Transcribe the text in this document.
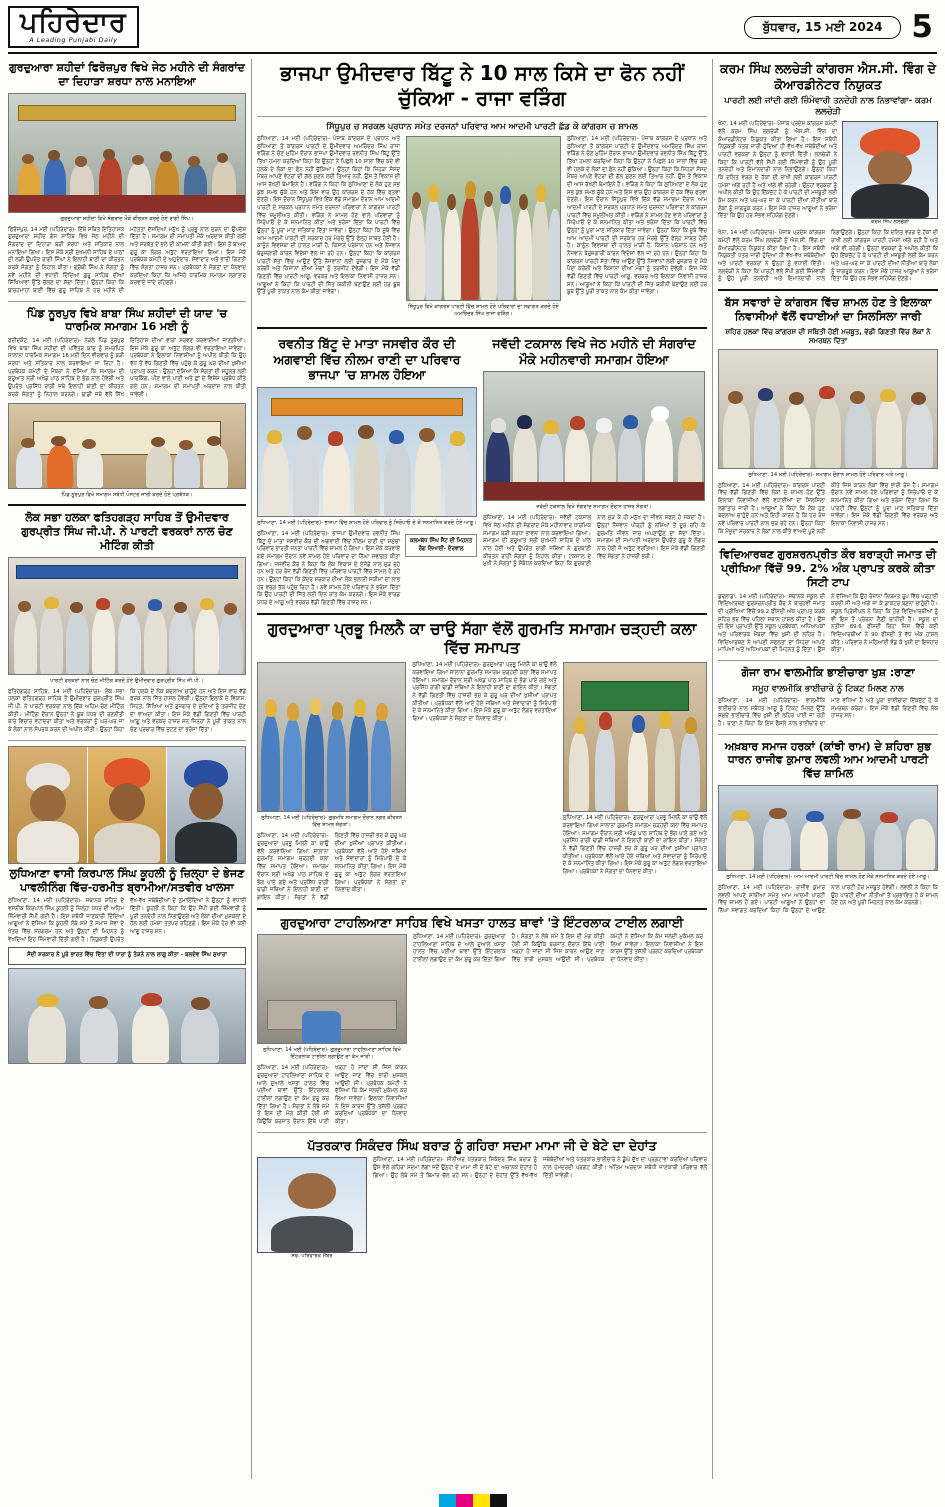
ਪਹਿਰੇਦਾਰ
A Leading Punjabi Daily
ਬੁੱਧਵਾਰ, 15 ਮਈ 2024 5
ਗੁਰਦੁਆਰਾ ਸ਼ਹੀਦਾਂ ਫਿਰੋਜ਼ਪੁਰ ਵਿਖੇ ਜੇਠ ਮਹੀਨੇ ਦੀ ਸੰਗਰਾਂਦ ਦਾ ਦਿਹਾੜਾ ਸ਼ਰਧਾ ਨਾਲ ਮਨਾਇਆ
ਗੁਰਦੁਆਰਾ ਸ਼ਹੀਦਾਂ ਵਿਖੇ ਸੰਗਰਾਂਦ ਮੌਕੇ ਕੀਰਤਨ ਕਰਦੇ ਹੋਏ ਰਾਗੀ ਸਿੰਘ।
ਫਿਰੋਜ਼ਪੁਰ, 14 ਮਈ (ਪਹਿਰੇਦਾਰ)- ਇੱਥੇ ਸਥਿਤ ਇਤਿਹਾਸਕ ਗੁਰਦੁਆਰਾ ਸ਼ਹੀਦ ਗੰਜ ਸਾਹਿਬ ਵਿਖੇ ਜੇਠ ਮਹੀਨੇ ਦੀ ਸੰਗਰਾਂਦ ਦਾ ਦਿਹਾੜਾ ਬੜੀ ਸ਼ਰਧਾ ਅਤੇ ਸਤਿਕਾਰ ਨਾਲ ਮਨਾਇਆ ਗਿਆ। ਇਸ ਮੌਕੇ ਸ੍ਰੀ ਸੁਖਮਨੀ ਸਾਹਿਬ ਦੇ ਪਾਠਾਂ ਦੀ ਲੜੀ ਉਪਰੰਤ ਰਾਗੀ ਸਿੰਘਾਂ ਨੇ ਇਲਾਹੀ ਬਾਣੀ ਦਾ ਕੀਰਤਨ ਕਰਕੇ ਸੰਗਤਾਂ ਨੂੰ ਨਿਹਾਲ ਕੀਤਾ। ਗ੍ਰੰਥੀ ਸਿੰਘ ਨੇ ਸੰਗਤਾਂ ਨੂੰ ਨਵੇਂ ਮਹੀਨੇ ਦੀ ਵਧਾਈ ਦਿੰਦਿਆਂ ਗੁਰੂ ਸਾਹਿਬ ਦੀਆਂ ਸਿੱਖਿਆਵਾਂ ਉੱਤੇ ਚੱਲਣ ਦਾ ਸੱਦਾ ਦਿੱਤਾ। ਉਨ੍ਹਾਂ ਕਿਹਾ ਕਿ ਬਾਰਹਮਾਹਾ ਬਾਣੀ ਵਿੱਚ ਗੁਰੂ ਸਾਹਿਬ ਨੇ ਹਰ ਮਹੀਨੇ ਦੀ ਮਹੱਤਤਾ ਦੱਸਦਿਆਂ ਮਨੁੱਖ ਨੂੰ ਪ੍ਰਭੂ ਨਾਲ ਜੁੜਨ ਦਾ ਉਪਦੇਸ਼ ਦਿੱਤਾ ਹੈ। ਸਮਾਗਮ ਦੀ ਸਮਾਪਤੀ ਮੌਕੇ ਅਰਦਾਸ ਕੀਤੀ ਗਈ ਅਤੇ ਸਰਬੱਤ ਦੇ ਭਲੇ ਦੀ ਕਾਮਨਾ ਕੀਤੀ ਗਈ। ਇਸ ਤੋਂ ਬਾਅਦ ਗੁਰੂ ਕਾ ਲੰਗਰ ਅਤੁੱਟ ਵਰਤਾਇਆ ਗਿਆ। ਇਸ ਮੌਕੇ ਪ੍ਰਬੰਧਕ ਕਮੇਟੀ ਦੇ ਅਹੁਦੇਦਾਰ, ਸੇਵਾਦਾਰ ਅਤੇ ਭਾਰੀ ਗਿਣਤੀ ਵਿੱਚ ਸੰਗਤਾਂ ਹਾਜ਼ਰ ਸਨ। ਪ੍ਰਬੰਧਕਾਂ ਨੇ ਸੰਗਤਾਂ ਦਾ ਧੰਨਵਾਦ ਕਰਦਿਆਂ ਕਿਹਾ ਕਿ ਅਜਿਹੇ ਧਾਰਮਿਕ ਸਮਾਗਮ ਲਗਾਤਾਰ ਕਰਵਾਏ ਜਾਂਦੇ ਰਹਿਣਗੇ।
ਪਿੰਡ ਨੂਰਪੁਰ ਵਿਖੇ ਬਾਬਾ ਸਿੰਘ ਸ਼ਹੀਦਾਂ ਦੀ ਯਾਦ 'ਚ ਧਾਰਮਿਕ ਸਮਾਗਮ 16 ਮਈ ਨੂੰ
ਫਰੀਦਕੋਟ, 14 ਮਈ (ਪਹਿਰੇਦਾਰ)- ਨੇੜਲੇ ਪਿੰਡ ਨੂਰਪੁਰ ਵਿਖੇ ਬਾਬਾ ਸਿੰਘ ਸ਼ਹੀਦਾਂ ਦੀ ਪਵਿੱਤਰ ਯਾਦ ਨੂੰ ਸਮਰਪਿਤ ਸਾਲਾਨਾ ਧਾਰਮਿਕ ਸਮਾਗਮ 16 ਮਈ ਦਿਨ ਵੀਰਵਾਰ ਨੂੰ ਬੜੀ ਸ਼ਰਧਾ ਅਤੇ ਸਤਿਕਾਰ ਨਾਲ ਕਰਵਾਇਆ ਜਾ ਰਿਹਾ ਹੈ। ਪ੍ਰਬੰਧਕ ਕਮੇਟੀ ਦੇ ਮੈਂਬਰਾਂ ਨੇ ਦੱਸਿਆ ਕਿ ਸਮਾਗਮ ਦੀ ਸ਼ੁਰੂਆਤ ਸ੍ਰੀ ਅਖੰਡ ਪਾਠ ਸਾਹਿਬ ਦੇ ਭੋਗ ਨਾਲ ਹੋਵੇਗੀ ਅਤੇ ਉਪਰੰਤ ਪ੍ਰਸਿੱਧ ਰਾਗੀ ਜਥੇ ਇਲਾਹੀ ਬਾਣੀ ਦਾ ਕੀਰਤਨ ਕਰਕੇ ਸੰਗਤਾਂ ਨੂੰ ਨਿਹਾਲ ਕਰਨਗੇ। ਢਾਡੀ ਜਥੇ ਵੱਲੋਂ ਸਿੱਖ ਇਤਿਹਾਸ ਦੀਆਂ ਵਾਰਾਂ ਸਰਵਣ ਕਰਵਾਈਆਂ ਜਾਣਗੀਆਂ। ਇਸ ਮੌਕੇ ਗੁਰੂ ਕਾ ਅਤੁੱਟ ਲੰਗਰ ਵੀ ਵਰਤਾਇਆ ਜਾਵੇਗਾ। ਪ੍ਰਬੰਧਕਾਂ ਨੇ ਇਲਾਕਾ ਨਿਵਾਸੀਆਂ ਨੂੰ ਅਪੀਲ ਕੀਤੀ ਕਿ ਉਹ ਵੱਧ ਤੋਂ ਵੱਧ ਗਿਣਤੀ ਵਿੱਚ ਪਹੁੰਚ ਕੇ ਗੁਰੂ ਘਰ ਦੀਆਂ ਖੁਸ਼ੀਆਂ ਪ੍ਰਾਪਤ ਕਰਨ। ਉਨ੍ਹਾਂ ਦੱਸਿਆ ਕਿ ਸੰਗਤਾਂ ਦੀ ਸਹੂਲਤ ਲਈ ਪਾਰਕਿੰਗ, ਪੀਣ ਵਾਲੇ ਪਾਣੀ ਅਤੇ ਛਾਂ ਦੇ ਵਿਸ਼ੇਸ਼ ਪ੍ਰਬੰਧ ਕੀਤੇ ਗਏ ਹਨ। ਸਮਾਗਮ ਦੀ ਸਮਾਪਤੀ ਅਰਦਾਸ ਨਾਲ ਕੀਤੀ ਜਾਵੇਗੀ।
ਪਿੰਡ ਨੂਰਪੁਰ ਵਿਖੇ ਸਮਾਗਮ ਸਬੰਧੀ ਪੋਸਟਰ ਜਾਰੀ ਕਰਦੇ ਹੋਏ ਪ੍ਰਬੰਧਕ।
ਲੋਕ ਸਭਾ ਹਲਕਾ ਫਤਿਹਗੜ੍ਹ ਸਾਹਿਬ ਤੋਂ ਉਮੀਦਵਾਰ ਗੁਰਪ੍ਰੀਤ ਸਿੰਘ ਜੀ.ਪੀ. ਨੇ ਪਾਰਟੀ ਵਰਕਰਾਂ ਨਾਲ ਚੋਣ ਮੀਟਿੰਗ ਕੀਤੀ
ਪਾਰਟੀ ਵਰਕਰਾਂ ਨਾਲ ਚੋਣ ਮੀਟਿੰਗ ਕਰਦੇ ਹੋਏ ਉਮੀਦਵਾਰ ਗੁਰਪ੍ਰੀਤ ਸਿੰਘ ਜੀ.ਪੀ.।
ਫਤਿਹਗੜ੍ਹ ਸਾਹਿਬ, 14 ਮਈ (ਪਹਿਰੇਦਾਰ)- ਲੋਕ ਸਭਾ ਹਲਕਾ ਫਤਿਹਗੜ੍ਹ ਸਾਹਿਬ ਤੋਂ ਉਮੀਦਵਾਰ ਗੁਰਪ੍ਰੀਤ ਸਿੰਘ ਜੀ.ਪੀ. ਨੇ ਪਾਰਟੀ ਵਰਕਰਾਂ ਨਾਲ ਇੱਕ ਅਹਿਮ ਚੋਣ ਮੀਟਿੰਗ ਕੀਤੀ। ਮੀਟਿੰਗ ਦੌਰਾਨ ਉਨ੍ਹਾਂ ਨੇ ਬੂਥ ਪੱਧਰ ਦੀ ਰਣਨੀਤੀ ਬਾਰੇ ਵਿਚਾਰ ਵਟਾਂਦਰਾ ਕੀਤਾ ਅਤੇ ਵਰਕਰਾਂ ਨੂੰ ਘਰ-ਘਰ ਜਾ ਕੇ ਲੋਕਾਂ ਨਾਲ ਸੰਪਰਕ ਕਰਨ ਦੀ ਅਪੀਲ ਕੀਤੀ। ਉਨ੍ਹਾਂ ਕਿਹਾ ਕਿ ਹਲਕੇ ਦੇ ਲੋਕ ਬਦਲਾਅ ਚਾਹੁੰਦੇ ਹਨ ਅਤੇ ਇਸ ਵਾਰ ਵੱਡੇ ਫਰਕ ਨਾਲ ਜਿੱਤ ਹਾਸਲ ਹੋਵੇਗੀ। ਉਨ੍ਹਾਂ ਇਲਾਕੇ ਦੇ ਵਿਕਾਸ, ਸਿਹਤ, ਸਿੱਖਿਆ ਅਤੇ ਰੁਜ਼ਗਾਰ ਦੇ ਮੁੱਦਿਆਂ ਨੂੰ ਤਰਜੀਹ ਦੇਣ ਦਾ ਵਾਅਦਾ ਕੀਤਾ। ਇਸ ਮੌਕੇ ਵੱਡੀ ਗਿਣਤੀ ਵਿੱਚ ਪਾਰਟੀ ਆਗੂ ਅਤੇ ਵਰਕਰ ਹਾਜ਼ਰ ਸਨ ਜਿਨ੍ਹਾਂ ਨੇ ਪੂਰੀ ਤਾਕਤ ਨਾਲ ਚੋਣ ਪ੍ਰਚਾਰ ਵਿੱਚ ਜੁਟਣ ਦਾ ਭਰੋਸਾ ਦਿੱਤਾ।
ਲੁਧਿਆਣਾ ਵਾਸੀ ਕਿਰਪਾਲ ਸਿੰਘ ਕੂਹਲੀ ਨੂੰ ਜ਼ਿਲ੍ਹਾ ਦੇ ਭੇਜਣ ਪਾਵਲੀਨਿੰਗ ਵਿੱਚ-ਹਰਮੀਤ ਬ੍ਰਾਮੀਆ/ਸਤਵੀਰ ਖਾਲਸਾ
ਲੁਧਿਆਣਾ, 14 ਮਈ (ਪਹਿਰੇਦਾਰ)- ਸਥਾਨਕ ਸ਼ਹਿਰ ਦੇ ਵਸਨੀਕ ਕਿਰਪਾਲ ਸਿੰਘ ਕੂਹਲੀ ਨੂੰ ਜ਼ਿਲ੍ਹਾ ਪੱਧਰ ਦੀ ਅਹਿਮ ਜ਼ਿੰਮੇਵਾਰੀ ਸੌਂਪੀ ਗਈ ਹੈ। ਇਸ ਸਬੰਧੀ ਜਾਣਕਾਰੀ ਦਿੰਦਿਆਂ ਆਗੂਆਂ ਨੇ ਦੱਸਿਆ ਕਿ ਕੂਹਲੀ ਲੰਬੇ ਸਮੇਂ ਤੋਂ ਸਮਾਜ ਸੇਵਾ ਦੇ ਖੇਤਰ ਵਿੱਚ ਸਰਗਰਮ ਹਨ ਅਤੇ ਉਨ੍ਹਾਂ ਦੀ ਮਿਹਨਤ ਨੂੰ ਵੇਖਦਿਆਂ ਇਹ ਜ਼ਿੰਮੇਵਾਰੀ ਦਿੱਤੀ ਗਈ ਹੈ। ਨਿਯੁਕਤੀ ਉਪਰੰਤ ਵੱਖ-ਵੱਖ ਜਥੇਬੰਦੀਆਂ ਦੇ ਨੁਮਾਇੰਦਿਆਂ ਨੇ ਉਨ੍ਹਾਂ ਨੂੰ ਵਧਾਈ ਦਿੱਤੀ। ਕੂਹਲੀ ਨੇ ਕਿਹਾ ਕਿ ਉਹ ਸੌਂਪੀ ਗਈ ਜ਼ਿੰਮੇਵਾਰੀ ਨੂੰ ਪੂਰੀ ਤਨਦੇਹੀ ਨਾਲ ਨਿਭਾਉਣਗੇ ਅਤੇ ਲੋਕਾਂ ਦੀਆਂ ਮੁਸ਼ਕਲਾਂ ਦੇ ਹੱਲ ਲਈ ਹਮੇਸ਼ਾ ਤਤਪਰ ਰਹਿਣਗੇ। ਇਸ ਮੌਕੇ ਹੋਰ ਵੀ ਕਈ ਆਗੂ ਹਾਜ਼ਰ ਸਨ।
ਸੰਦੀ ਸ਼ਰਕਾਰ ਨੇ ਪੂਰੇ ਭਾਰਤ ਵਿੱਚ ਦਿੱਤਾ ਦੀ ਧਾਰਾ ਨੂੰ ਤੋੜਨੇ ਨਾਲ ਲਾਗੂ ਕੀਤਾ - ਬਲਦੇਵ ਸਿੰਘ ਸੁਖਾਰਾ
ਭਾਜਪਾ ਉਮੀਦਵਾਰ ਬਿੱਟੂ ਨੇ 10 ਸਾਲ ਕਿਸੇ ਦਾ ਫੋਨ ਨਹੀਂ ਚੁੱਕਿਆ - ਰਾਜਾ ਵੜਿੰਗ
ਸਿੱਧੂਪੁਰ ਚ ਸਰਕਲ ਪ੍ਰਧਾਨ ਸਮੇਤ ਦਰਜਨਾਂ ਪਰਿਵਾਰ ਆਮ ਆਦਮੀ ਪਾਰਟੀ ਛੱਡ ਕੇ ਕਾਂਗਰਸ ਚ ਸ਼ਾਮਲ
ਲੁਧਿਆਣਾ, 14 ਮਈ (ਪਹਿਰੇਦਾਰ)- ਪੰਜਾਬ ਕਾਂਗਰਸ ਦੇ ਪ੍ਰਧਾਨ ਅਤੇ ਲੁਧਿਆਣਾ ਤੋਂ ਕਾਂਗਰਸ ਪਾਰਟੀ ਦੇ ਉਮੀਦਵਾਰ ਅਮਰਿੰਦਰ ਸਿੰਘ ਰਾਜਾ ਵੜਿੰਗ ਨੇ ਚੋਣ ਮੁਹਿੰਮ ਦੌਰਾਨ ਭਾਜਪਾ ਉਮੀਦਵਾਰ ਰਵਨੀਤ ਸਿੰਘ ਬਿੱਟੂ ਉੱਤੇ ਤਿੱਖਾ ਹਮਲਾ ਕਰਦਿਆਂ ਕਿਹਾ ਕਿ ਉਨ੍ਹਾਂ ਨੇ ਪਿਛਲੇ 10 ਸਾਲਾਂ ਵਿੱਚ ਕਦੇ ਵੀ ਹਲਕੇ ਦੇ ਲੋਕਾਂ ਦਾ ਫੋਨ ਨਹੀਂ ਚੁੱਕਿਆ। ਉਨ੍ਹਾਂ ਕਿਹਾ ਕਿ ਜਿਹੜਾ ਸੰਸਦ ਮੈਂਬਰ ਆਪਣੇ ਵੋਟਰਾਂ ਦੀ ਗੱਲ ਸੁਣਨ ਲਈ ਤਿਆਰ ਨਹੀਂ, ਉਸ ਤੋਂ ਵਿਕਾਸ ਦੀ ਆਸ ਰੱਖਣੀ ਬੇਮਾਇਨੇ ਹੈ। ਵੜਿੰਗ ਨੇ ਕਿਹਾ ਕਿ ਲੁਧਿਆਣਾ ਦੇ ਲੋਕ ਹੁਣ ਸਭ ਕੁਝ ਸਮਝ ਚੁੱਕੇ ਹਨ ਅਤੇ ਇਸ ਵਾਰ ਉਹ ਕਾਂਗਰਸ ਦੇ ਹੱਕ ਵਿੱਚ ਫਤਵਾ ਦੇਣਗੇ। ਇਸ ਦੌਰਾਨ ਸਿੱਧੂਪੁਰ ਵਿਖੇ ਇੱਕ ਵੱਡੇ ਸਮਾਗਮ ਦੌਰਾਨ ਆਮ ਆਦਮੀ ਪਾਰਟੀ ਦੇ ਸਰਕਲ ਪ੍ਰਧਾਨ ਸਮੇਤ ਦਰਜਨਾਂ ਪਰਿਵਾਰਾਂ ਨੇ ਕਾਂਗਰਸ ਪਾਰਟੀ ਵਿੱਚ ਸ਼ਮੂਲੀਅਤ ਕੀਤੀ। ਵੜਿੰਗ ਨੇ ਸ਼ਾਮਲ ਹੋਣ ਵਾਲੇ ਪਰਿਵਾਰਾਂ ਨੂੰ ਸਿਰੋਪਾਓ ਦੇ ਕੇ ਸਨਮਾਨਿਤ ਕੀਤਾ ਅਤੇ ਭਰੋਸਾ ਦਿੱਤਾ ਕਿ ਪਾਰਟੀ ਵਿੱਚ ਉਨ੍ਹਾਂ ਨੂੰ ਪੂਰਾ ਮਾਣ ਸਤਿਕਾਰ ਦਿੱਤਾ ਜਾਵੇਗਾ। ਉਨ੍ਹਾਂ ਕਿਹਾ ਕਿ ਸੂਬੇ ਵਿੱਚ ਆਮ ਆਦਮੀ ਪਾਰਟੀ ਦੀ ਸਰਕਾਰ ਹਰ ਮੋਰਚੇ ਉੱਤੇ ਫੇਲ੍ਹ ਸਾਬਤ ਹੋਈ ਹੈ। ਕਾਨੂੰਨ ਵਿਵਸਥਾ ਦੀ ਹਾਲਤ ਮਾੜੀ ਹੈ, ਕਿਸਾਨ ਪਰੇਸ਼ਾਨ ਹਨ ਅਤੇ ਨੌਜਵਾਨ ਬੇਰੁਜ਼ਗਾਰੀ ਕਾਰਨ ਵਿਦੇਸ਼ਾਂ ਵੱਲ ਜਾ ਰਹੇ ਹਨ। ਉਨ੍ਹਾਂ ਕਿਹਾ ਕਿ ਕਾਂਗਰਸ ਪਾਰਟੀ ਸੱਤਾ ਵਿੱਚ ਆਉਣ ਉੱਤੇ ਨੌਜਵਾਨਾਂ ਲਈ ਰੁਜ਼ਗਾਰ ਦੇ ਮੌਕੇ ਪੈਦਾ ਕਰੇਗੀ ਅਤੇ ਕਿਸਾਨਾਂ ਦੀਆਂ ਮੰਗਾਂ ਨੂੰ ਤਰਜੀਹ ਦੇਵੇਗੀ। ਇਸ ਮੌਕੇ ਵੱਡੀ ਗਿਣਤੀ ਵਿੱਚ ਪਾਰਟੀ ਆਗੂ, ਵਰਕਰ ਅਤੇ ਇਲਾਕਾ ਨਿਵਾਸੀ ਹਾਜ਼ਰ ਸਨ। ਆਗੂਆਂ ਨੇ ਕਿਹਾ ਕਿ ਪਾਰਟੀ ਦੀ ਜਿੱਤ ਯਕੀਨੀ ਬਣਾਉਣ ਲਈ ਹਰ ਬੂਥ ਉੱਤੇ ਪੂਰੀ ਤਾਕਤ ਨਾਲ ਕੰਮ ਕੀਤਾ ਜਾਵੇਗਾ।
ਸਿੱਧੂਪੁਰ ਵਿਖੇ ਕਾਂਗਰਸ ਪਾਰਟੀ ਵਿੱਚ ਸ਼ਾਮਲ ਹੋਏ ਪਰਿਵਾਰਾਂ ਦਾ ਸਵਾਗਤ ਕਰਦੇ ਹੋਏ ਅਮਰਿੰਦਰ ਸਿੰਘ ਰਾਜਾ ਵੜਿੰਗ।
ਲੁਧਿਆਣਾ, 14 ਮਈ (ਪਹਿਰੇਦਾਰ)- ਪੰਜਾਬ ਕਾਂਗਰਸ ਦੇ ਪ੍ਰਧਾਨ ਅਤੇ ਲੁਧਿਆਣਾ ਤੋਂ ਕਾਂਗਰਸ ਪਾਰਟੀ ਦੇ ਉਮੀਦਵਾਰ ਅਮਰਿੰਦਰ ਸਿੰਘ ਰਾਜਾ ਵੜਿੰਗ ਨੇ ਚੋਣ ਮੁਹਿੰਮ ਦੌਰਾਨ ਭਾਜਪਾ ਉਮੀਦਵਾਰ ਰਵਨੀਤ ਸਿੰਘ ਬਿੱਟੂ ਉੱਤੇ ਤਿੱਖਾ ਹਮਲਾ ਕਰਦਿਆਂ ਕਿਹਾ ਕਿ ਉਨ੍ਹਾਂ ਨੇ ਪਿਛਲੇ 10 ਸਾਲਾਂ ਵਿੱਚ ਕਦੇ ਵੀ ਹਲਕੇ ਦੇ ਲੋਕਾਂ ਦਾ ਫੋਨ ਨਹੀਂ ਚੁੱਕਿਆ। ਉਨ੍ਹਾਂ ਕਿਹਾ ਕਿ ਜਿਹੜਾ ਸੰਸਦ ਮੈਂਬਰ ਆਪਣੇ ਵੋਟਰਾਂ ਦੀ ਗੱਲ ਸੁਣਨ ਲਈ ਤਿਆਰ ਨਹੀਂ, ਉਸ ਤੋਂ ਵਿਕਾਸ ਦੀ ਆਸ ਰੱਖਣੀ ਬੇਮਾਇਨੇ ਹੈ। ਵੜਿੰਗ ਨੇ ਕਿਹਾ ਕਿ ਲੁਧਿਆਣਾ ਦੇ ਲੋਕ ਹੁਣ ਸਭ ਕੁਝ ਸਮਝ ਚੁੱਕੇ ਹਨ ਅਤੇ ਇਸ ਵਾਰ ਉਹ ਕਾਂਗਰਸ ਦੇ ਹੱਕ ਵਿੱਚ ਫਤਵਾ ਦੇਣਗੇ। ਇਸ ਦੌਰਾਨ ਸਿੱਧੂਪੁਰ ਵਿਖੇ ਇੱਕ ਵੱਡੇ ਸਮਾਗਮ ਦੌਰਾਨ ਆਮ ਆਦਮੀ ਪਾਰਟੀ ਦੇ ਸਰਕਲ ਪ੍ਰਧਾਨ ਸਮੇਤ ਦਰਜਨਾਂ ਪਰਿਵਾਰਾਂ ਨੇ ਕਾਂਗਰਸ ਪਾਰਟੀ ਵਿੱਚ ਸ਼ਮੂਲੀਅਤ ਕੀਤੀ। ਵੜਿੰਗ ਨੇ ਸ਼ਾਮਲ ਹੋਣ ਵਾਲੇ ਪਰਿਵਾਰਾਂ ਨੂੰ ਸਿਰੋਪਾਓ ਦੇ ਕੇ ਸਨਮਾਨਿਤ ਕੀਤਾ ਅਤੇ ਭਰੋਸਾ ਦਿੱਤਾ ਕਿ ਪਾਰਟੀ ਵਿੱਚ ਉਨ੍ਹਾਂ ਨੂੰ ਪੂਰਾ ਮਾਣ ਸਤਿਕਾਰ ਦਿੱਤਾ ਜਾਵੇਗਾ। ਉਨ੍ਹਾਂ ਕਿਹਾ ਕਿ ਸੂਬੇ ਵਿੱਚ ਆਮ ਆਦਮੀ ਪਾਰਟੀ ਦੀ ਸਰਕਾਰ ਹਰ ਮੋਰਚੇ ਉੱਤੇ ਫੇਲ੍ਹ ਸਾਬਤ ਹੋਈ ਹੈ। ਕਾਨੂੰਨ ਵਿਵਸਥਾ ਦੀ ਹਾਲਤ ਮਾੜੀ ਹੈ, ਕਿਸਾਨ ਪਰੇਸ਼ਾਨ ਹਨ ਅਤੇ ਨੌਜਵਾਨ ਬੇਰੁਜ਼ਗਾਰੀ ਕਾਰਨ ਵਿਦੇਸ਼ਾਂ ਵੱਲ ਜਾ ਰਹੇ ਹਨ। ਉਨ੍ਹਾਂ ਕਿਹਾ ਕਿ ਕਾਂਗਰਸ ਪਾਰਟੀ ਸੱਤਾ ਵਿੱਚ ਆਉਣ ਉੱਤੇ ਨੌਜਵਾਨਾਂ ਲਈ ਰੁਜ਼ਗਾਰ ਦੇ ਮੌਕੇ ਪੈਦਾ ਕਰੇਗੀ ਅਤੇ ਕਿਸਾਨਾਂ ਦੀਆਂ ਮੰਗਾਂ ਨੂੰ ਤਰਜੀਹ ਦੇਵੇਗੀ। ਇਸ ਮੌਕੇ ਵੱਡੀ ਗਿਣਤੀ ਵਿੱਚ ਪਾਰਟੀ ਆਗੂ, ਵਰਕਰ ਅਤੇ ਇਲਾਕਾ ਨਿਵਾਸੀ ਹਾਜ਼ਰ ਸਨ। ਆਗੂਆਂ ਨੇ ਕਿਹਾ ਕਿ ਪਾਰਟੀ ਦੀ ਜਿੱਤ ਯਕੀਨੀ ਬਣਾਉਣ ਲਈ ਹਰ ਬੂਥ ਉੱਤੇ ਪੂਰੀ ਤਾਕਤ ਨਾਲ ਕੰਮ ਕੀਤਾ ਜਾਵੇਗਾ।
ਰਵਨੀਤ ਬਿੱਟੂ ਦੇ ਮਾਤਾ ਜਸਵੀਰ ਕੌਰ ਦੀ ਅਗਵਾਈ ਵਿੱਚ ਨੀਲਮ ਰਾਣੀ ਦਾ ਪਰਿਵਾਰ ਭਾਜਪਾ 'ਚ ਸ਼ਾਮਲ ਹੋਇਆ
ਲੁਧਿਆਣਾ, 14 ਮਈ (ਪਹਿਰੇਦਾਰ)- ਭਾਜਪਾ ਵਿੱਚ ਸ਼ਾਮਲ ਹੋਏ ਪਰਿਵਾਰ ਨੂੰ ਸਿਰੋਪਾਓ ਦੇ ਕੇ ਸਨਮਾਨਿਤ ਕਰਦੇ ਹੋਏ ਆਗੂ।
ਲੁਧਿਆਣਾ, 14 ਮਈ (ਪਹਿਰੇਦਾਰ)- ਭਾਜਪਾ ਉਮੀਦਵਾਰ ਰਵਨੀਤ ਸਿੰਘ ਬਿੱਟੂ ਦੇ ਮਾਤਾ ਜਸਵੀਰ ਕੌਰ ਦੀ ਅਗਵਾਈ ਵਿੱਚ ਨੀਲਮ ਰਾਣੀ ਦਾ ਸਮੁੱਚਾ ਪਰਿਵਾਰ ਭਾਰਤੀ ਜਨਤਾ ਪਾਰਟੀ ਵਿੱਚ ਸ਼ਾਮਲ ਹੋ ਗਿਆ। ਇਸ ਮੌਕੇ ਕਰਵਾਏ ਗਏ ਸਮਾਗਮ ਦੌਰਾਨ ਨਵੇਂ ਸ਼ਾਮਲ ਹੋਏ ਪਰਿਵਾਰ ਦਾ ਨਿੱਘਾ ਸਵਾਗਤ ਕੀਤਾ ਗਿਆ। ਜਸਵੀਰ ਕੌਰ ਨੇ ਕਿਹਾ ਕਿ ਲੋਕ ਵਿਕਾਸ ਦੇ ਏਜੰਡੇ ਨਾਲ ਜੁੜ ਰਹੇ ਹਨ ਅਤੇ ਹਰ ਰੋਜ਼ ਵੱਡੀ ਗਿਣਤੀ ਵਿੱਚ ਪਰਿਵਾਰ ਪਾਰਟੀ ਵਿੱਚ ਸ਼ਾਮਲ ਹੋ ਰਹੇ ਹਨ। ਉਨ੍ਹਾਂ ਕਿਹਾ ਕਿ ਕੇਂਦਰ ਸਰਕਾਰ ਦੀਆਂ ਲੋਕ ਭਲਾਈ ਸਕੀਮਾਂ ਦਾ ਲਾਭ ਹਰ ਵਰਗ ਤੱਕ ਪਹੁੰਚ ਰਿਹਾ ਹੈ। ਨਵੇਂ ਸ਼ਾਮਲ ਹੋਏ ਪਰਿਵਾਰ ਨੇ ਭਰੋਸਾ ਦਿੱਤਾ ਕਿ ਉਹ ਪਾਰਟੀ ਦੀ ਜਿੱਤ ਲਈ ਦਿਨ ਰਾਤ ਕੰਮ ਕਰਨਗੇ। ਇਸ ਮੌਕੇ ਵਾਰਡ ਪੱਧਰ ਦੇ ਆਗੂ ਅਤੇ ਵਰਕਰ ਵੱਡੀ ਗਿਣਤੀ ਵਿੱਚ ਹਾਜ਼ਰ ਸਨ।
ਕਲਮਬੱਧ ਸਿੰਘ ਸੈਂਟ ਦੀ ਮਿਹਨਤ ਰੰਗ ਲਿਆਈ- ਦੋਰਵਾਲ
ਜਵੱਦੀ ਟਕਸਾਲ ਵਿਖੇ ਜੇਠ ਮਹੀਨੇ ਦੀ ਸੰਗਰਾਂਦ ਮੌਕੇ ਮਹੀਨਵਾਰੀ ਸਮਾਗਮ ਹੋਇਆ
ਜਵੱਦੀ ਟਕਸਾਲ ਵਿਖੇ ਸੰਗਰਾਂਦ ਸਮਾਗਮ ਦੌਰਾਨ ਹਾਜ਼ਰ ਸੰਗਤਾਂ।
ਲੁਧਿਆਣਾ, 14 ਮਈ (ਪਹਿਰੇਦਾਰ)- ਜਵੱਦੀ ਟਕਸਾਲ ਵਿਖੇ ਜੇਠ ਮਹੀਨੇ ਦੀ ਸੰਗਰਾਂਦ ਮੌਕੇ ਮਹੀਨਾਵਾਰ ਧਾਰਮਿਕ ਸਮਾਗਮ ਬੜੀ ਸ਼ਰਧਾ ਭਾਵਨਾ ਨਾਲ ਕਰਵਾਇਆ ਗਿਆ। ਸਮਾਗਮ ਦੀ ਸ਼ੁਰੂਆਤ ਸ੍ਰੀ ਸੁਖਮਨੀ ਸਾਹਿਬ ਦੇ ਪਾਠ ਨਾਲ ਹੋਈ ਅਤੇ ਉਪਰੰਤ ਰਾਗੀ ਜਥਿਆਂ ਨੇ ਗੁਰਬਾਣੀ ਕੀਰਤਨ ਰਾਹੀਂ ਸੰਗਤਾਂ ਨੂੰ ਨਿਹਾਲ ਕੀਤਾ। ਟਕਸਾਲ ਦੇ ਮੁਖੀ ਨੇ ਸੰਗਤਾਂ ਨੂੰ ਸੰਬੋਧਨ ਕਰਦਿਆਂ ਕਿਹਾ ਕਿ ਗੁਰਬਾਣੀ ਨਾਲ ਜੁੜ ਕੇ ਹੀ ਮਨੁੱਖ ਦਾ ਜੀਵਨ ਸਫਲ ਹੋ ਸਕਦਾ ਹੈ। ਉਨ੍ਹਾਂ ਨੌਜਵਾਨ ਪੀੜ੍ਹੀ ਨੂੰ ਨਸ਼ਿਆਂ ਤੋਂ ਦੂਰ ਰਹਿ ਕੇ ਗੁਰਮਤਿ ਜੀਵਨ ਜਾਚ ਅਪਣਾਉਣ ਦਾ ਸੱਦਾ ਦਿੱਤਾ। ਸਮਾਗਮ ਦੀ ਸਮਾਪਤੀ ਅਰਦਾਸ ਉਪਰੰਤ ਗੁਰੂ ਕੇ ਲੰਗਰ ਨਾਲ ਹੋਈ ਜੋ ਅਤੁੱਟ ਵਰਤਿਆ। ਇਸ ਮੌਕੇ ਵੱਡੀ ਗਿਣਤੀ ਵਿੱਚ ਸੰਗਤਾਂ ਨੇ ਹਾਜ਼ਰੀ ਭਰੀ।
ਗੁਰਦੁਆਰਾ ਪ੍ਰਭੂ ਮਿਲਨੈ ਕਾ ਚਾਉ ਸੱਗਾ ਵੱਲੋਂ ਗੁਰਮਤਿ ਸਮਾਗਮ ਚੜ੍ਹਦੀ ਕਲਾ ਵਿੱਚ ਸਮਾਪਤ
ਲੁਧਿਆਣਾ, 14 ਮਈ (ਪਹਿਰੇਦਾਰ)- ਗੁਰਮਤਿ ਸਮਾਗਮ ਦੌਰਾਨ ਨਗਰ ਕੀਰਤਨ ਵਿੱਚ ਸ਼ਾਮਲ ਸੰਗਤਾਂ।
ਲੁਧਿਆਣਾ, 14 ਮਈ (ਪਹਿਰੇਦਾਰ)- ਗੁਰਦੁਆਰਾ ਪ੍ਰਭੂ ਮਿਲਨੈ ਕਾ ਚਾਉ ਵੱਲੋਂ ਕਰਵਾਇਆ ਗਿਆ ਸਾਲਾਨਾ ਗੁਰਮਤਿ ਸਮਾਗਮ ਚੜ੍ਹਦੀ ਕਲਾ ਵਿੱਚ ਸਮਾਪਤ ਹੋਇਆ। ਸਮਾਗਮ ਦੌਰਾਨ ਸ੍ਰੀ ਅਖੰਡ ਪਾਠ ਸਾਹਿਬ ਦੇ ਭੋਗ ਪਾਏ ਗਏ ਅਤੇ ਪ੍ਰਸਿੱਧ ਰਾਗੀ ਢਾਡੀ ਜਥਿਆਂ ਨੇ ਇਲਾਹੀ ਬਾਣੀ ਦਾ ਗਾਇਨ ਕੀਤਾ। ਸੰਗਤਾਂ ਨੇ ਵੱਡੀ ਗਿਣਤੀ ਵਿੱਚ ਹਾਜ਼ਰੀ ਭਰ ਕੇ ਗੁਰੂ ਘਰ ਦੀਆਂ ਖੁਸ਼ੀਆਂ ਪ੍ਰਾਪਤ ਕੀਤੀਆਂ। ਪ੍ਰਬੰਧਕਾਂ ਵੱਲੋਂ ਆਏ ਹੋਏ ਜਥਿਆਂ ਅਤੇ ਸੇਵਾਦਾਰਾਂ ਨੂੰ ਸਿਰੋਪਾਓ ਦੇ ਕੇ ਸਨਮਾਨਿਤ ਕੀਤਾ ਗਿਆ। ਇਸ ਮੌਕੇ ਗੁਰੂ ਕਾ ਅਤੁੱਟ ਲੰਗਰ ਵਰਤਾਇਆ ਗਿਆ। ਪ੍ਰਬੰਧਕਾਂ ਨੇ ਸੰਗਤਾਂ ਦਾ ਧੰਨਵਾਦ ਕੀਤਾ।
ਲੁਧਿਆਣਾ, 14 ਮਈ (ਪਹਿਰੇਦਾਰ)- ਗੁਰਦੁਆਰਾ ਪ੍ਰਭੂ ਮਿਲਨੈ ਕਾ ਚਾਉ ਵੱਲੋਂ ਕਰਵਾਇਆ ਗਿਆ ਸਾਲਾਨਾ ਗੁਰਮਤਿ ਸਮਾਗਮ ਚੜ੍ਹਦੀ ਕਲਾ ਵਿੱਚ ਸਮਾਪਤ ਹੋਇਆ। ਸਮਾਗਮ ਦੌਰਾਨ ਸ੍ਰੀ ਅਖੰਡ ਪਾਠ ਸਾਹਿਬ ਦੇ ਭੋਗ ਪਾਏ ਗਏ ਅਤੇ ਪ੍ਰਸਿੱਧ ਰਾਗੀ ਢਾਡੀ ਜਥਿਆਂ ਨੇ ਇਲਾਹੀ ਬਾਣੀ ਦਾ ਗਾਇਨ ਕੀਤਾ। ਸੰਗਤਾਂ ਨੇ ਵੱਡੀ ਗਿਣਤੀ ਵਿੱਚ ਹਾਜ਼ਰੀ ਭਰ ਕੇ ਗੁਰੂ ਘਰ ਦੀਆਂ ਖੁਸ਼ੀਆਂ ਪ੍ਰਾਪਤ ਕੀਤੀਆਂ। ਪ੍ਰਬੰਧਕਾਂ ਵੱਲੋਂ ਆਏ ਹੋਏ ਜਥਿਆਂ ਅਤੇ ਸੇਵਾਦਾਰਾਂ ਨੂੰ ਸਿਰੋਪਾਓ ਦੇ ਕੇ ਸਨਮਾਨਿਤ ਕੀਤਾ ਗਿਆ। ਇਸ ਮੌਕੇ ਗੁਰੂ ਕਾ ਅਤੁੱਟ ਲੰਗਰ ਵਰਤਾਇਆ ਗਿਆ। ਪ੍ਰਬੰਧਕਾਂ ਨੇ ਸੰਗਤਾਂ ਦਾ ਧੰਨਵਾਦ ਕੀਤਾ।
ਲੁਧਿਆਣਾ, 14 ਮਈ (ਪਹਿਰੇਦਾਰ)- ਗੁਰਦੁਆਰਾ ਪ੍ਰਭੂ ਮਿਲਨੈ ਕਾ ਚਾਉ ਵੱਲੋਂ ਕਰਵਾਇਆ ਗਿਆ ਸਾਲਾਨਾ ਗੁਰਮਤਿ ਸਮਾਗਮ ਚੜ੍ਹਦੀ ਕਲਾ ਵਿੱਚ ਸਮਾਪਤ ਹੋਇਆ। ਸਮਾਗਮ ਦੌਰਾਨ ਸ੍ਰੀ ਅਖੰਡ ਪਾਠ ਸਾਹਿਬ ਦੇ ਭੋਗ ਪਾਏ ਗਏ ਅਤੇ ਪ੍ਰਸਿੱਧ ਰਾਗੀ ਢਾਡੀ ਜਥਿਆਂ ਨੇ ਇਲਾਹੀ ਬਾਣੀ ਦਾ ਗਾਇਨ ਕੀਤਾ। ਸੰਗਤਾਂ ਨੇ ਵੱਡੀ ਗਿਣਤੀ ਵਿੱਚ ਹਾਜ਼ਰੀ ਭਰ ਕੇ ਗੁਰੂ ਘਰ ਦੀਆਂ ਖੁਸ਼ੀਆਂ ਪ੍ਰਾਪਤ ਕੀਤੀਆਂ। ਪ੍ਰਬੰਧਕਾਂ ਵੱਲੋਂ ਆਏ ਹੋਏ ਜਥਿਆਂ ਅਤੇ ਸੇਵਾਦਾਰਾਂ ਨੂੰ ਸਿਰੋਪਾਓ ਦੇ ਕੇ ਸਨਮਾਨਿਤ ਕੀਤਾ ਗਿਆ। ਇਸ ਮੌਕੇ ਗੁਰੂ ਕਾ ਅਤੁੱਟ ਲੰਗਰ ਵਰਤਾਇਆ ਗਿਆ। ਪ੍ਰਬੰਧਕਾਂ ਨੇ ਸੰਗਤਾਂ ਦਾ ਧੰਨਵਾਦ ਕੀਤਾ।
ਗੁਰਦੁਆਰਾ ਟਾਹਲਿਆਣਾ ਸਾਹਿਬ ਵਿਖੇ ਖਸਤਾ ਹਾਲਤ ਥਾਵਾਂ 'ਤੇ ਇੰਟਰਲਾਕ ਟਾਈਲ ਲਗਾਈ
ਲੁਧਿਆਣਾ, 14 ਮਈ (ਪਹਿਰੇਦਾਰ)- ਗੁਰਦੁਆਰਾ ਟਾਹਲਿਆਣਾ ਸਾਹਿਬ ਵਿਖੇ ਇੰਟਰਲਾਕ ਟਾਈਲਾਂ ਲਗਾਉਣ ਦਾ ਕੰਮ ਜਾਰੀ।
ਲੁਧਿਆਣਾ, 14 ਮਈ (ਪਹਿਰੇਦਾਰ)- ਗੁਰਦੁਆਰਾ ਟਾਹਲਿਆਣਾ ਸਾਹਿਬ ਦੇ ਆਲੇ ਦੁਆਲੇ ਖਸਤਾ ਹਾਲਤ ਵਿੱਚ ਪਈਆਂ ਥਾਵਾਂ ਉੱਤੇ ਇੰਟਰਲਾਕ ਟਾਈਲਾਂ ਲਗਾਉਣ ਦਾ ਕੰਮ ਸ਼ੁਰੂ ਕਰ ਦਿੱਤਾ ਗਿਆ ਹੈ। ਸੰਗਤਾਂ ਨੇ ਲੰਬੇ ਸਮੇਂ ਤੋਂ ਇਸ ਦੀ ਮੰਗ ਕੀਤੀ ਹੋਈ ਸੀ ਕਿਉਂਕਿ ਬਰਸਾਤ ਦੌਰਾਨ ਇੱਥੇ ਪਾਣੀ ਖੜ੍ਹਾ ਹੋ ਜਾਂਦਾ ਸੀ ਜਿਸ ਕਾਰਨ ਆਉਣ ਜਾਣ ਵਿੱਚ ਭਾਰੀ ਮੁਸ਼ਕਲ ਆਉਂਦੀ ਸੀ। ਪ੍ਰਬੰਧਕ ਕਮੇਟੀ ਨੇ ਦੱਸਿਆ ਕਿ ਕੰਮ ਜਲਦੀ ਮੁਕੰਮਲ ਕਰ ਲਿਆ ਜਾਵੇਗਾ। ਇਲਾਕਾ ਨਿਵਾਸੀਆਂ ਨੇ ਇਸ ਕਾਰਜ ਉੱਤੇ ਤਸੱਲੀ ਪ੍ਰਗਟ ਕਰਦਿਆਂ ਪ੍ਰਬੰਧਕਾਂ ਦਾ ਧੰਨਵਾਦ ਕੀਤਾ।
ਲੁਧਿਆਣਾ, 14 ਮਈ (ਪਹਿਰੇਦਾਰ)- ਗੁਰਦੁਆਰਾ ਟਾਹਲਿਆਣਾ ਸਾਹਿਬ ਦੇ ਆਲੇ ਦੁਆਲੇ ਖਸਤਾ ਹਾਲਤ ਵਿੱਚ ਪਈਆਂ ਥਾਵਾਂ ਉੱਤੇ ਇੰਟਰਲਾਕ ਟਾਈਲਾਂ ਲਗਾਉਣ ਦਾ ਕੰਮ ਸ਼ੁਰੂ ਕਰ ਦਿੱਤਾ ਗਿਆ ਹੈ। ਸੰਗਤਾਂ ਨੇ ਲੰਬੇ ਸਮੇਂ ਤੋਂ ਇਸ ਦੀ ਮੰਗ ਕੀਤੀ ਹੋਈ ਸੀ ਕਿਉਂਕਿ ਬਰਸਾਤ ਦੌਰਾਨ ਇੱਥੇ ਪਾਣੀ ਖੜ੍ਹਾ ਹੋ ਜਾਂਦਾ ਸੀ ਜਿਸ ਕਾਰਨ ਆਉਣ ਜਾਣ ਵਿੱਚ ਭਾਰੀ ਮੁਸ਼ਕਲ ਆਉਂਦੀ ਸੀ। ਪ੍ਰਬੰਧਕ ਕਮੇਟੀ ਨੇ ਦੱਸਿਆ ਕਿ ਕੰਮ ਜਲਦੀ ਮੁਕੰਮਲ ਕਰ ਲਿਆ ਜਾਵੇਗਾ। ਇਲਾਕਾ ਨਿਵਾਸੀਆਂ ਨੇ ਇਸ ਕਾਰਜ ਉੱਤੇ ਤਸੱਲੀ ਪ੍ਰਗਟ ਕਰਦਿਆਂ ਪ੍ਰਬੰਧਕਾਂ ਦਾ ਧੰਨਵਾਦ ਕੀਤਾ।
ਪੱਤਰਕਾਰ ਸਿਕੰਦਰ ਸਿੰਘ ਬਰਾੜ ਨੂੰ ਗਹਿਰਾ ਸਦਮਾ ਮਾਮਾ ਜੀ ਦੇ ਬੇਟੇ ਦਾ ਦੇਹਾਂਤ
ਸਵ. ਪਰਿਵਾਰਕ ਮੈਂਬਰ
ਲੁਧਿਆਣਾ, 14 ਮਈ (ਪਹਿਰੇਦਾਰ)- ਸੀਨੀਅਰ ਪੱਤਰਕਾਰ ਸਿਕੰਦਰ ਸਿੰਘ ਬਰਾੜ ਨੂੰ ਉਸ ਵੇਲੇ ਗਹਿਰਾ ਸਦਮਾ ਲੱਗਾ ਜਦੋਂ ਉਨ੍ਹਾਂ ਦੇ ਮਾਮਾ ਜੀ ਦੇ ਬੇਟੇ ਦਾ ਅਚਾਨਕ ਦੇਹਾਂਤ ਹੋ ਗਿਆ। ਉਹ ਲੰਬੇ ਸਮੇਂ ਤੋਂ ਬਿਮਾਰ ਚੱਲ ਰਹੇ ਸਨ। ਉਨ੍ਹਾਂ ਦੇ ਦੇਹਾਂਤ ਉੱਤੇ ਵੱਖ-ਵੱਖ ਜਥੇਬੰਦੀਆਂ ਅਤੇ ਪੱਤਰਕਾਰ ਭਾਈਚਾਰੇ ਨੇ ਡੂੰਘੇ ਦੁੱਖ ਦਾ ਪ੍ਰਗਟਾਵਾ ਕਰਦਿਆਂ ਪਰਿਵਾਰ ਨਾਲ ਹਮਦਰਦੀ ਪ੍ਰਗਟ ਕੀਤੀ। ਅੰਤਿਮ ਅਰਦਾਸ ਸਬੰਧੀ ਜਾਣਕਾਰੀ ਪਰਿਵਾਰ ਵੱਲੋਂ ਦਿੱਤੀ ਜਾਵੇਗੀ।
ਕਰਮ ਸਿੰਘ ਲਲਚੇੜੀ ਕਾਂਗਰਸ ਐਸ.ਸੀ. ਵਿੰਗ ਦੇ ਕੋਆਰਡੀਨੇਟਰ ਨਿਯੁਕਤ
ਪਾਰਟੀ ਲਈ ਜਾਂਦੀ ਗਈ ਜ਼ਿੰਮੇਵਾਰੀ ਤਨਦੇਹੀ ਨਾਲ ਨਿਭਾਵਾਂਗਾ- ਕਰਮ ਲਲਚੇੜੀ
ਖੰਨਾ, 14 ਮਈ (ਪਹਿਰੇਦਾਰ)- ਪੰਜਾਬ ਪ੍ਰਦੇਸ਼ ਕਾਂਗਰਸ ਕਮੇਟੀ ਵੱਲੋਂ ਕਰਮ ਸਿੰਘ ਲਲਚੇੜੀ ਨੂੰ ਐਸ.ਸੀ. ਵਿੰਗ ਦਾ ਕੋਆਰਡੀਨੇਟਰ ਨਿਯੁਕਤ ਕੀਤਾ ਗਿਆ ਹੈ। ਇਸ ਸਬੰਧੀ ਨਿਯੁਕਤੀ ਪੱਤਰ ਜਾਰੀ ਹੁੰਦਿਆਂ ਹੀ ਵੱਖ-ਵੱਖ ਜਥੇਬੰਦੀਆਂ ਅਤੇ ਪਾਰਟੀ ਵਰਕਰਾਂ ਨੇ ਉਨ੍ਹਾਂ ਨੂੰ ਵਧਾਈ ਦਿੱਤੀ। ਲਲਚੇੜੀ ਨੇ ਕਿਹਾ ਕਿ ਪਾਰਟੀ ਵੱਲੋਂ ਸੌਂਪੀ ਗਈ ਜ਼ਿੰਮੇਵਾਰੀ ਨੂੰ ਉਹ ਪੂਰੀ ਤਨਦੇਹੀ ਅਤੇ ਇਮਾਨਦਾਰੀ ਨਾਲ ਨਿਭਾਉਣਗੇ। ਉਨ੍ਹਾਂ ਕਿਹਾ ਕਿ ਦਲਿਤ ਵਰਗ ਦੇ ਹੱਕਾਂ ਦੀ ਰਾਖੀ ਲਈ ਕਾਂਗਰਸ ਪਾਰਟੀ ਹਮੇਸ਼ਾ ਅੱਗੇ ਰਹੀ ਹੈ ਅਤੇ ਅੱਗੇ ਵੀ ਰਹੇਗੀ। ਉਨ੍ਹਾਂ ਵਰਕਰਾਂ ਨੂੰ ਅਪੀਲ ਕੀਤੀ ਕਿ ਉਹ ਇੱਕਜੁੱਟ ਹੋ ਕੇ ਪਾਰਟੀ ਦੀ ਮਜ਼ਬੂਤੀ ਲਈ ਕੰਮ ਕਰਨ ਅਤੇ ਘਰ-ਘਰ ਜਾ ਕੇ ਪਾਰਟੀ ਦੀਆਂ ਨੀਤੀਆਂ ਬਾਰੇ ਲੋਕਾਂ ਨੂੰ ਜਾਗਰੂਕ ਕਰਨ। ਇਸ ਮੌਕੇ ਹਾਜ਼ਰ ਆਗੂਆਂ ਨੇ ਭਰੋਸਾ ਦਿੱਤਾ ਕਿ ਉਹ ਹਰ ਸੰਭਵ ਸਹਿਯੋਗ ਦੇਣਗੇ।
ਕਰਮ ਸਿੰਘ ਲਲਚੇੜੀ
ਖੰਨਾ, 14 ਮਈ (ਪਹਿਰੇਦਾਰ)- ਪੰਜਾਬ ਪ੍ਰਦੇਸ਼ ਕਾਂਗਰਸ ਕਮੇਟੀ ਵੱਲੋਂ ਕਰਮ ਸਿੰਘ ਲਲਚੇੜੀ ਨੂੰ ਐਸ.ਸੀ. ਵਿੰਗ ਦਾ ਕੋਆਰਡੀਨੇਟਰ ਨਿਯੁਕਤ ਕੀਤਾ ਗਿਆ ਹੈ। ਇਸ ਸਬੰਧੀ ਨਿਯੁਕਤੀ ਪੱਤਰ ਜਾਰੀ ਹੁੰਦਿਆਂ ਹੀ ਵੱਖ-ਵੱਖ ਜਥੇਬੰਦੀਆਂ ਅਤੇ ਪਾਰਟੀ ਵਰਕਰਾਂ ਨੇ ਉਨ੍ਹਾਂ ਨੂੰ ਵਧਾਈ ਦਿੱਤੀ। ਲਲਚੇੜੀ ਨੇ ਕਿਹਾ ਕਿ ਪਾਰਟੀ ਵੱਲੋਂ ਸੌਂਪੀ ਗਈ ਜ਼ਿੰਮੇਵਾਰੀ ਨੂੰ ਉਹ ਪੂਰੀ ਤਨਦੇਹੀ ਅਤੇ ਇਮਾਨਦਾਰੀ ਨਾਲ ਨਿਭਾਉਣਗੇ। ਉਨ੍ਹਾਂ ਕਿਹਾ ਕਿ ਦਲਿਤ ਵਰਗ ਦੇ ਹੱਕਾਂ ਦੀ ਰਾਖੀ ਲਈ ਕਾਂਗਰਸ ਪਾਰਟੀ ਹਮੇਸ਼ਾ ਅੱਗੇ ਰਹੀ ਹੈ ਅਤੇ ਅੱਗੇ ਵੀ ਰਹੇਗੀ। ਉਨ੍ਹਾਂ ਵਰਕਰਾਂ ਨੂੰ ਅਪੀਲ ਕੀਤੀ ਕਿ ਉਹ ਇੱਕਜੁੱਟ ਹੋ ਕੇ ਪਾਰਟੀ ਦੀ ਮਜ਼ਬੂਤੀ ਲਈ ਕੰਮ ਕਰਨ ਅਤੇ ਘਰ-ਘਰ ਜਾ ਕੇ ਪਾਰਟੀ ਦੀਆਂ ਨੀਤੀਆਂ ਬਾਰੇ ਲੋਕਾਂ ਨੂੰ ਜਾਗਰੂਕ ਕਰਨ। ਇਸ ਮੌਕੇ ਹਾਜ਼ਰ ਆਗੂਆਂ ਨੇ ਭਰੋਸਾ ਦਿੱਤਾ ਕਿ ਉਹ ਹਰ ਸੰਭਵ ਸਹਿਯੋਗ ਦੇਣਗੇ।
ਬੱਸ ਸਵਾਰਾਂ ਦੇ ਕਾਂਗਰਸ ਵਿੱਚ ਸ਼ਾਮਲ ਹੋਣ ਤੇ ਇਲਾਕਾ ਨਿਵਾਸੀਆਂ ਵੱਲੋਂ ਵਧਾਈਆਂ ਦਾ ਸਿਲਸਿਲਾ ਜਾਰੀ
ਸ਼ਹਿਰ ਹਲਕਾ ਵਿੱਚ ਕਾਂਗਰਸ ਦੀ ਸਥਿਤੀ ਹੋਈ ਮਜ਼ਬੂਤ, ਵੱਡੀ ਗਿਣਤੀ ਵਿੱਚ ਲੋਕਾਂ ਨੇ ਸਮਰਥਨ ਦਿੱਤਾ
ਲੁਧਿਆਣਾ, 14 ਮਈ (ਪਹਿਰੇਦਾਰ)- ਸਮਾਗਮ ਦੌਰਾਨ ਸ਼ਾਮਲ ਹੋਏ ਪਰਿਵਾਰ ਅਤੇ ਆਗੂ।
ਲੁਧਿਆਣਾ, 14 ਮਈ (ਪਹਿਰੇਦਾਰ)- ਕਾਂਗਰਸ ਪਾਰਟੀ ਵਿੱਚ ਵੱਡੀ ਗਿਣਤੀ ਵਿੱਚ ਲੋਕਾਂ ਦੇ ਸ਼ਾਮਲ ਹੋਣ ਉੱਤੇ ਇਲਾਕਾ ਨਿਵਾਸੀਆਂ ਵੱਲੋਂ ਵਧਾਈਆਂ ਦਾ ਸਿਲਸਿਲਾ ਲਗਾਤਾਰ ਜਾਰੀ ਹੈ। ਆਗੂਆਂ ਨੇ ਕਿਹਾ ਕਿ ਲੋਕ ਹੁਣ ਬਦਲਾਅ ਚਾਹੁੰਦੇ ਹਨ ਅਤੇ ਇਹੀ ਕਾਰਨ ਹੈ ਕਿ ਹਰ ਰੋਜ਼ ਨਵੇਂ ਪਰਿਵਾਰ ਪਾਰਟੀ ਨਾਲ ਜੁੜ ਰਹੇ ਹਨ। ਉਨ੍ਹਾਂ ਕਿਹਾ ਕਿ ਮੌਜੂਦਾ ਸਰਕਾਰ ਨੇ ਲੋਕਾਂ ਨਾਲ ਕੀਤੇ ਵਾਅਦੇ ਪੂਰੇ ਨਹੀਂ ਕੀਤੇ ਜਿਸ ਕਾਰਨ ਲੋਕਾਂ ਵਿੱਚ ਭਾਰੀ ਰੋਸ ਹੈ। ਸਮਾਗਮ ਦੌਰਾਨ ਨਵੇਂ ਸ਼ਾਮਲ ਹੋਏ ਪਰਿਵਾਰਾਂ ਨੂੰ ਸਿਰੋਪਾਓ ਦੇ ਕੇ ਸਨਮਾਨਿਤ ਕੀਤਾ ਗਿਆ ਅਤੇ ਭਰੋਸਾ ਦਿੱਤਾ ਗਿਆ ਕਿ ਪਾਰਟੀ ਵਿੱਚ ਉਨ੍ਹਾਂ ਨੂੰ ਪੂਰਾ ਮਾਣ ਸਤਿਕਾਰ ਦਿੱਤਾ ਜਾਵੇਗਾ। ਇਸ ਮੌਕੇ ਵੱਡੀ ਗਿਣਤੀ ਵਿੱਚ ਵਰਕਰ ਅਤੇ ਇਲਾਕਾ ਨਿਵਾਸੀ ਹਾਜ਼ਰ ਸਨ।
ਵਿਦਿਆਰਥਣ ਗੁਰਸ਼ਰਨਪ੍ਰੀਤ ਕੌਰ ਬਰਾੜ੍ਹੀ ਜਮਾਤ ਦੀ ਪ੍ਰੀਖਿਆ ਵਿੱਚੋਂ 99. 2% ਅੰਕ ਪ੍ਰਾਪਤ ਕਰਕੇ ਕੀਤਾ ਸਿਟੀ ਟਾਪ
ਬੁਢਲਾਡਾ, 14 ਮਈ (ਪਹਿਰੇਦਾਰ)- ਸਥਾਨਕ ਸਕੂਲ ਦੀ ਵਿਦਿਆਰਥਣ ਗੁਰਸ਼ਰਨਪ੍ਰੀਤ ਕੌਰ ਨੇ ਬਾਰ੍ਹਵੀਂ ਜਮਾਤ ਦੀ ਪ੍ਰੀਖਿਆ ਵਿੱਚੋਂ 99.2 ਫੀਸਦੀ ਅੰਕ ਪ੍ਰਾਪਤ ਕਰਕੇ ਸ਼ਹਿਰ ਭਰ ਵਿੱਚ ਪਹਿਲਾ ਸਥਾਨ ਹਾਸਲ ਕੀਤਾ ਹੈ। ਉਸ ਦੀ ਇਸ ਪ੍ਰਾਪਤੀ ਉੱਤੇ ਸਕੂਲ ਪ੍ਰਬੰਧਕਾਂ, ਅਧਿਆਪਕਾਂ ਅਤੇ ਪਰਿਵਾਰਕ ਮੈਂਬਰਾਂ ਵਿੱਚ ਖੁਸ਼ੀ ਦੀ ਲਹਿਰ ਹੈ। ਵਿਦਿਆਰਥਣ ਨੇ ਆਪਣੀ ਸਫਲਤਾ ਦਾ ਸਿਹਰਾ ਆਪਣੇ ਮਾਪਿਆਂ ਅਤੇ ਅਧਿਆਪਕਾਂ ਦੀ ਮਿਹਨਤ ਨੂੰ ਦਿੱਤਾ। ਉਸ ਨੇ ਦੱਸਿਆ ਕਿ ਉਹ ਰੋਜ਼ਾਨਾ ਨਿਯਮਤ ਰੂਪ ਵਿੱਚ ਪੜ੍ਹਾਈ ਕਰਦੀ ਸੀ ਅਤੇ ਅੱਗੇ ਜਾ ਕੇ ਡਾਕਟਰ ਬਣਨਾ ਚਾਹੁੰਦੀ ਹੈ। ਸਕੂਲ ਪ੍ਰਿੰਸੀਪਲ ਨੇ ਕਿਹਾ ਕਿ ਹੋਰ ਵਿਦਿਆਰਥੀਆਂ ਨੂੰ ਵੀ ਇਸ ਤੋਂ ਪ੍ਰੇਰਨਾ ਲੈਣੀ ਚਾਹੀਦੀ ਹੈ। ਸਕੂਲ ਦਾ ਨਤੀਜਾ 89.6 ਫੀਸਦੀ ਰਿਹਾ ਜਿਸ ਵਿੱਚੋਂ ਕਈ ਵਿਦਿਆਰਥੀਆਂ ਨੇ 90 ਫੀਸਦੀ ਤੋਂ ਵੱਧ ਅੰਕ ਹਾਸਲ ਕੀਤੇ। ਪਰਿਵਾਰ ਨੇ ਮਠਿਆਈ ਵੰਡ ਕੇ ਖੁਸ਼ੀ ਦਾ ਇਜ਼ਹਾਰ ਕੀਤਾ।
ਗੋਜਾ ਰਾਮ ਵਾਲਮੀਕਿ ਭਾਈਚਾਰਾ ਖੁਸ਼ :ਰਾਣਾ
ਸਮੂਹ ਵਾਲਮੀਕਿ ਭਾਈਚਾਰੇ ਨੂੰ ਟਿਕਟ ਮਿਲਣ ਨਾਲ
ਲੁਧਿਆਣਾ, 14 ਮਈ (ਪਹਿਰੇਦਾਰ)- ਵਾਲਮੀਕਿ ਭਾਈਚਾਰੇ ਨਾਲ ਸਬੰਧਤ ਆਗੂ ਨੂੰ ਟਿਕਟ ਮਿਲਣ ਉੱਤੇ ਸਮੁੱਚੇ ਭਾਈਚਾਰੇ ਵਿੱਚ ਖੁਸ਼ੀ ਦੀ ਲਹਿਰ ਪਾਈ ਜਾ ਰਹੀ ਹੈ। ਰਾਣਾ ਨੇ ਕਿਹਾ ਕਿ ਇਸ ਫੈਸਲੇ ਨਾਲ ਭਾਈਚਾਰੇ ਦਾ ਮਾਣ ਵਧਿਆ ਹੈ ਅਤੇ ਪੂਰਾ ਭਾਈਚਾਰਾ ਇੱਕਜੁੱਟ ਹੋ ਕੇ ਸਮਰਥਨ ਕਰੇਗਾ। ਇਸ ਮੌਕੇ ਵੱਡੀ ਗਿਣਤੀ ਵਿੱਚ ਲੋਕ ਹਾਜ਼ਰ ਸਨ।
ਅਖ਼ਬਾਰ ਸਮਾਜ ਹਰਕਾਂ (ਕਾਂਝੀ ਰਾਮ) ਦੇ ਸ਼ਹਿਰਾ ਸ਼ੁਭ ਧਾਰਨ ਰਾਜੀਵ ਕੁਮਾਰ ਲਵਲੀ ਆਮ ਆਦਮੀ ਪਾਰਟੀ ਵਿੱਚ ਸ਼ਾਮਿਲ
ਲੁਧਿਆਣਾ, 14 ਮਈ (ਪਹਿਰੇਦਾਰ)- ਆਮ ਆਦਮੀ ਪਾਰਟੀ ਵਿੱਚ ਸ਼ਾਮਲ ਹੋਣ ਮੌਕੇ ਸਨਮਾਨਿਤ ਕਰਦੇ ਹੋਏ ਆਗੂ।
ਲੁਧਿਆਣਾ, 14 ਮਈ (ਪਹਿਰੇਦਾਰ)- ਰਾਜੀਵ ਕੁਮਾਰ ਲਵਲੀ ਆਪਣੇ ਸਾਥੀਆਂ ਸਮੇਤ ਆਮ ਆਦਮੀ ਪਾਰਟੀ ਵਿੱਚ ਸ਼ਾਮਲ ਹੋ ਗਏ। ਪਾਰਟੀ ਆਗੂਆਂ ਨੇ ਉਨ੍ਹਾਂ ਦਾ ਨਿੱਘਾ ਸਵਾਗਤ ਕਰਦਿਆਂ ਕਿਹਾ ਕਿ ਉਨ੍ਹਾਂ ਦੇ ਆਉਣ ਨਾਲ ਪਾਰਟੀ ਹੋਰ ਮਜ਼ਬੂਤ ਹੋਵੇਗੀ। ਲਵਲੀ ਨੇ ਕਿਹਾ ਕਿ ਉਹ ਪਾਰਟੀ ਦੀਆਂ ਨੀਤੀਆਂ ਤੋਂ ਪ੍ਰਭਾਵਿਤ ਹੋ ਕੇ ਸ਼ਾਮਲ ਹੋਏ ਹਨ ਅਤੇ ਪੂਰੀ ਮਿਹਨਤ ਨਾਲ ਕੰਮ ਕਰਨਗੇ।
